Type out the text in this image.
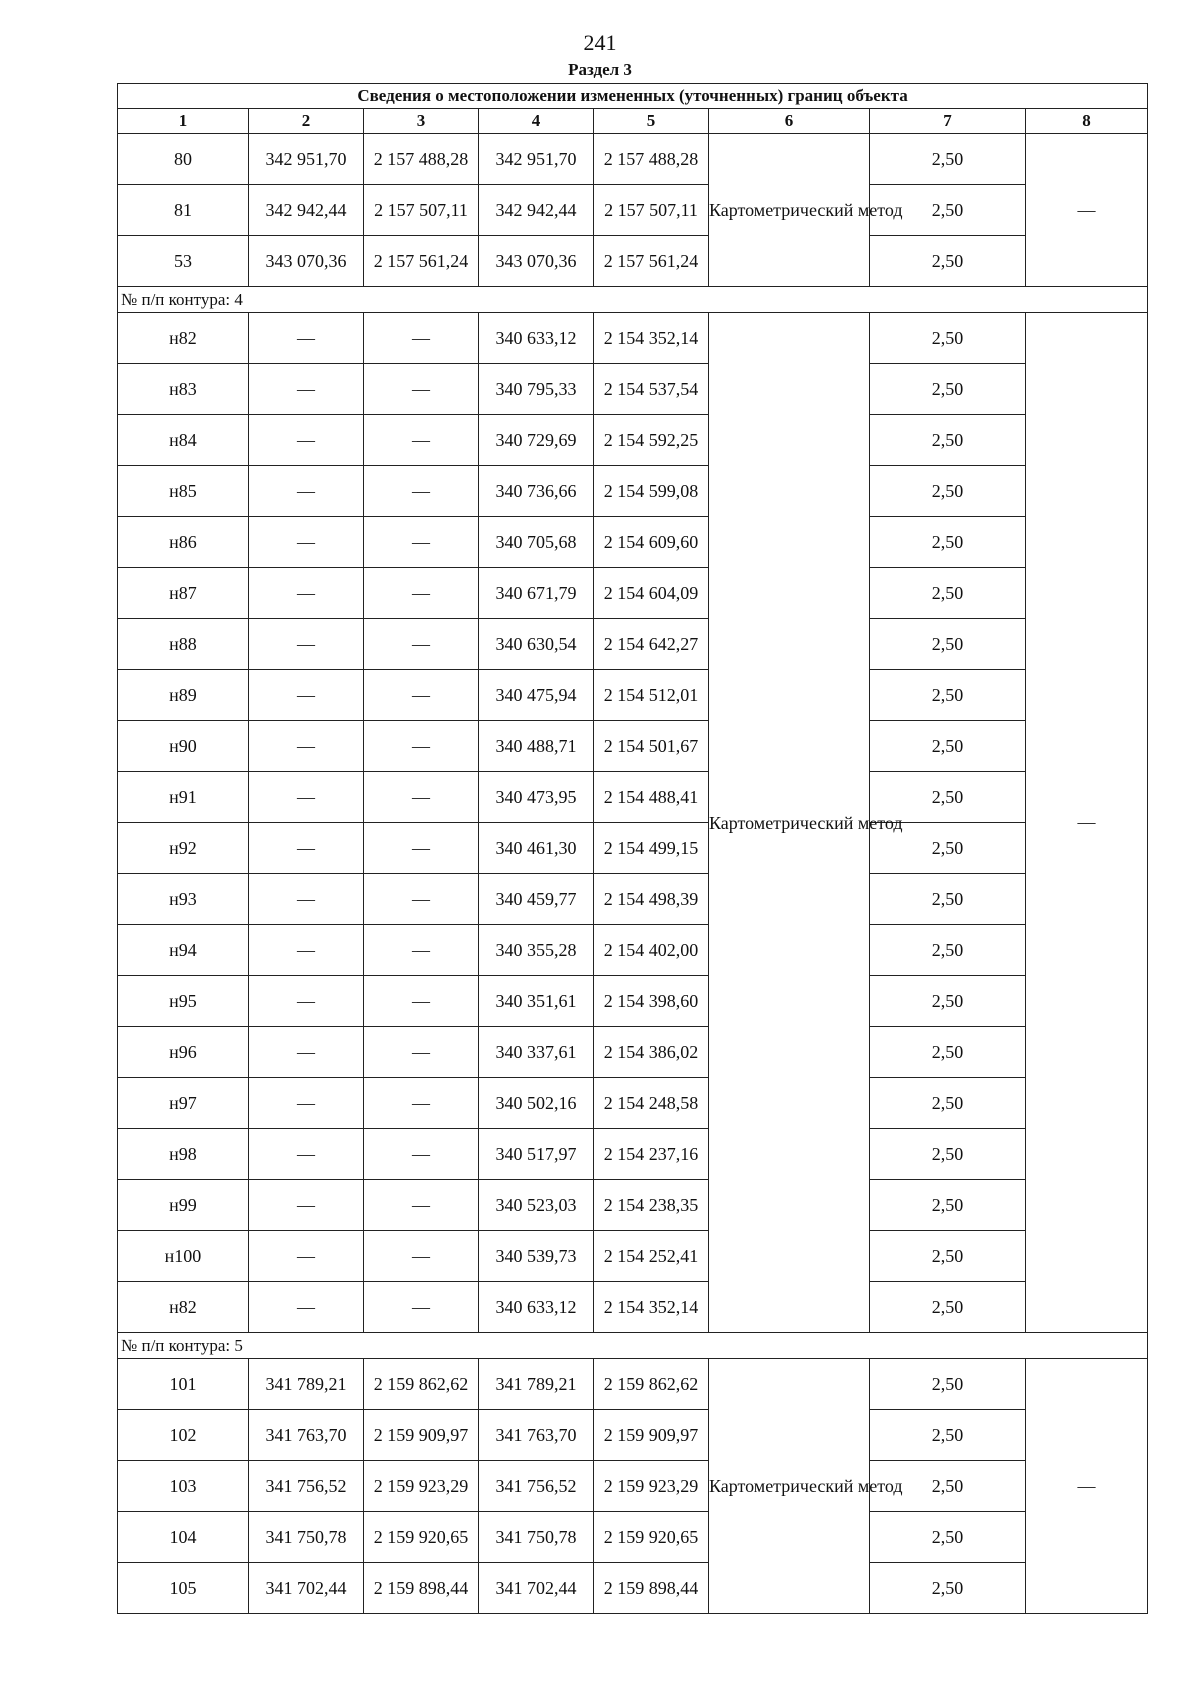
241
Раздел 3
Сведения о местоположении измененных (уточненных) границ объекта							
1	2	3	4	5	6	7	8
80	342 951,70	2 157 488,28	342 951,70	2 157 488,28	Картометрический метод	2,50	—
81	342 942,44	2 157 507,11	342 942,44	2 157 507,11		2,50	
53	343 070,36	2 157 561,24	343 070,36	2 157 561,24		2,50	
№ п/п контура: 4							
н82	—	—	340 633,12	2 154 352,14	Картометрический метод	2,50	—
н83	—	—	340 795,33	2 154 537,54		2,50	
н84	—	—	340 729,69	2 154 592,25		2,50	
н85	—	—	340 736,66	2 154 599,08		2,50	
н86	—	—	340 705,68	2 154 609,60		2,50	
н87	—	—	340 671,79	2 154 604,09		2,50	
н88	—	—	340 630,54	2 154 642,27		2,50	
н89	—	—	340 475,94	2 154 512,01		2,50	
н90	—	—	340 488,71	2 154 501,67		2,50	
н91	—	—	340 473,95	2 154 488,41		2,50	
н92	—	—	340 461,30	2 154 499,15		2,50	
н93	—	—	340 459,77	2 154 498,39		2,50	
н94	—	—	340 355,28	2 154 402,00		2,50	
н95	—	—	340 351,61	2 154 398,60		2,50	
н96	—	—	340 337,61	2 154 386,02		2,50	
н97	—	—	340 502,16	2 154 248,58		2,50	
н98	—	—	340 517,97	2 154 237,16		2,50	
н99	—	—	340 523,03	2 154 238,35		2,50	
н100	—	—	340 539,73	2 154 252,41		2,50	
н82	—	—	340 633,12	2 154 352,14		2,50	
№ п/п контура: 5							
101	341 789,21	2 159 862,62	341 789,21	2 159 862,62	Картометрический метод	2,50	—
102	341 763,70	2 159 909,97	341 763,70	2 159 909,97		2,50	
103	341 756,52	2 159 923,29	341 756,52	2 159 923,29		2,50	
104	341 750,78	2 159 920,65	341 750,78	2 159 920,65		2,50	
105	341 702,44	2 159 898,44	341 702,44	2 159 898,44		2,50	
